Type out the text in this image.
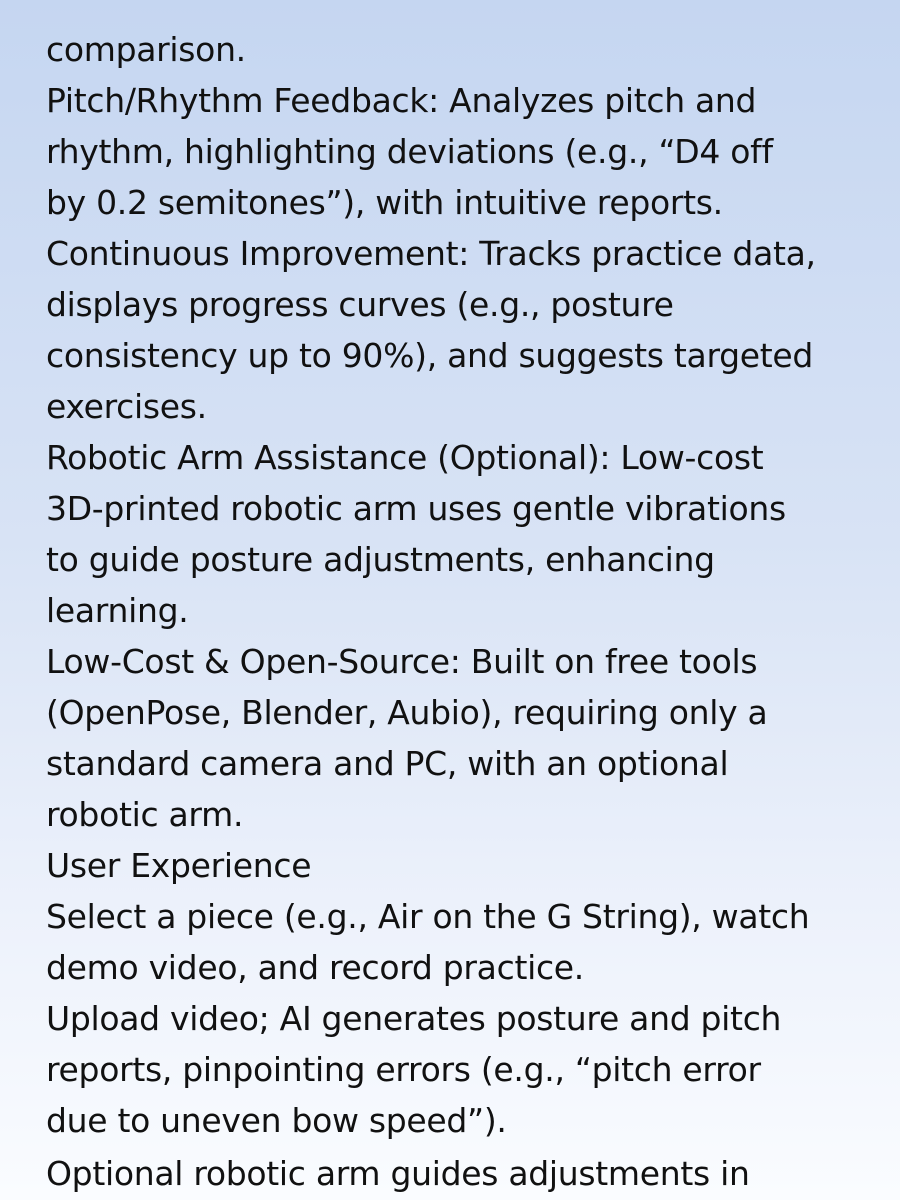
comparison.
Pitch/Rhythm Feedback: Analyzes pitch and
rhythm, highlighting deviations (e.g., “D4 off
by 0.2 semitones”), with intuitive reports.
Continuous Improvement: Tracks practice data,
displays progress curves (e.g., posture
consistency up to 90%), and suggests targeted
exercises.
Robotic Arm Assistance (Optional): Low-cost
3D-printed robotic arm uses gentle vibrations
to guide posture adjustments, enhancing
learning.
Low-Cost & Open-Source: Built on free tools
(OpenPose, Blender, Aubio), requiring only a
standard camera and PC, with an optional
robotic arm.
User Experience
Select a piece (e.g., Air on the G String), watch
demo video, and record practice.
Upload video; AI generates posture and pitch
reports, pinpointing errors (e.g., “pitch error
due to uneven bow speed”).
Optional robotic arm guides adjustments in
